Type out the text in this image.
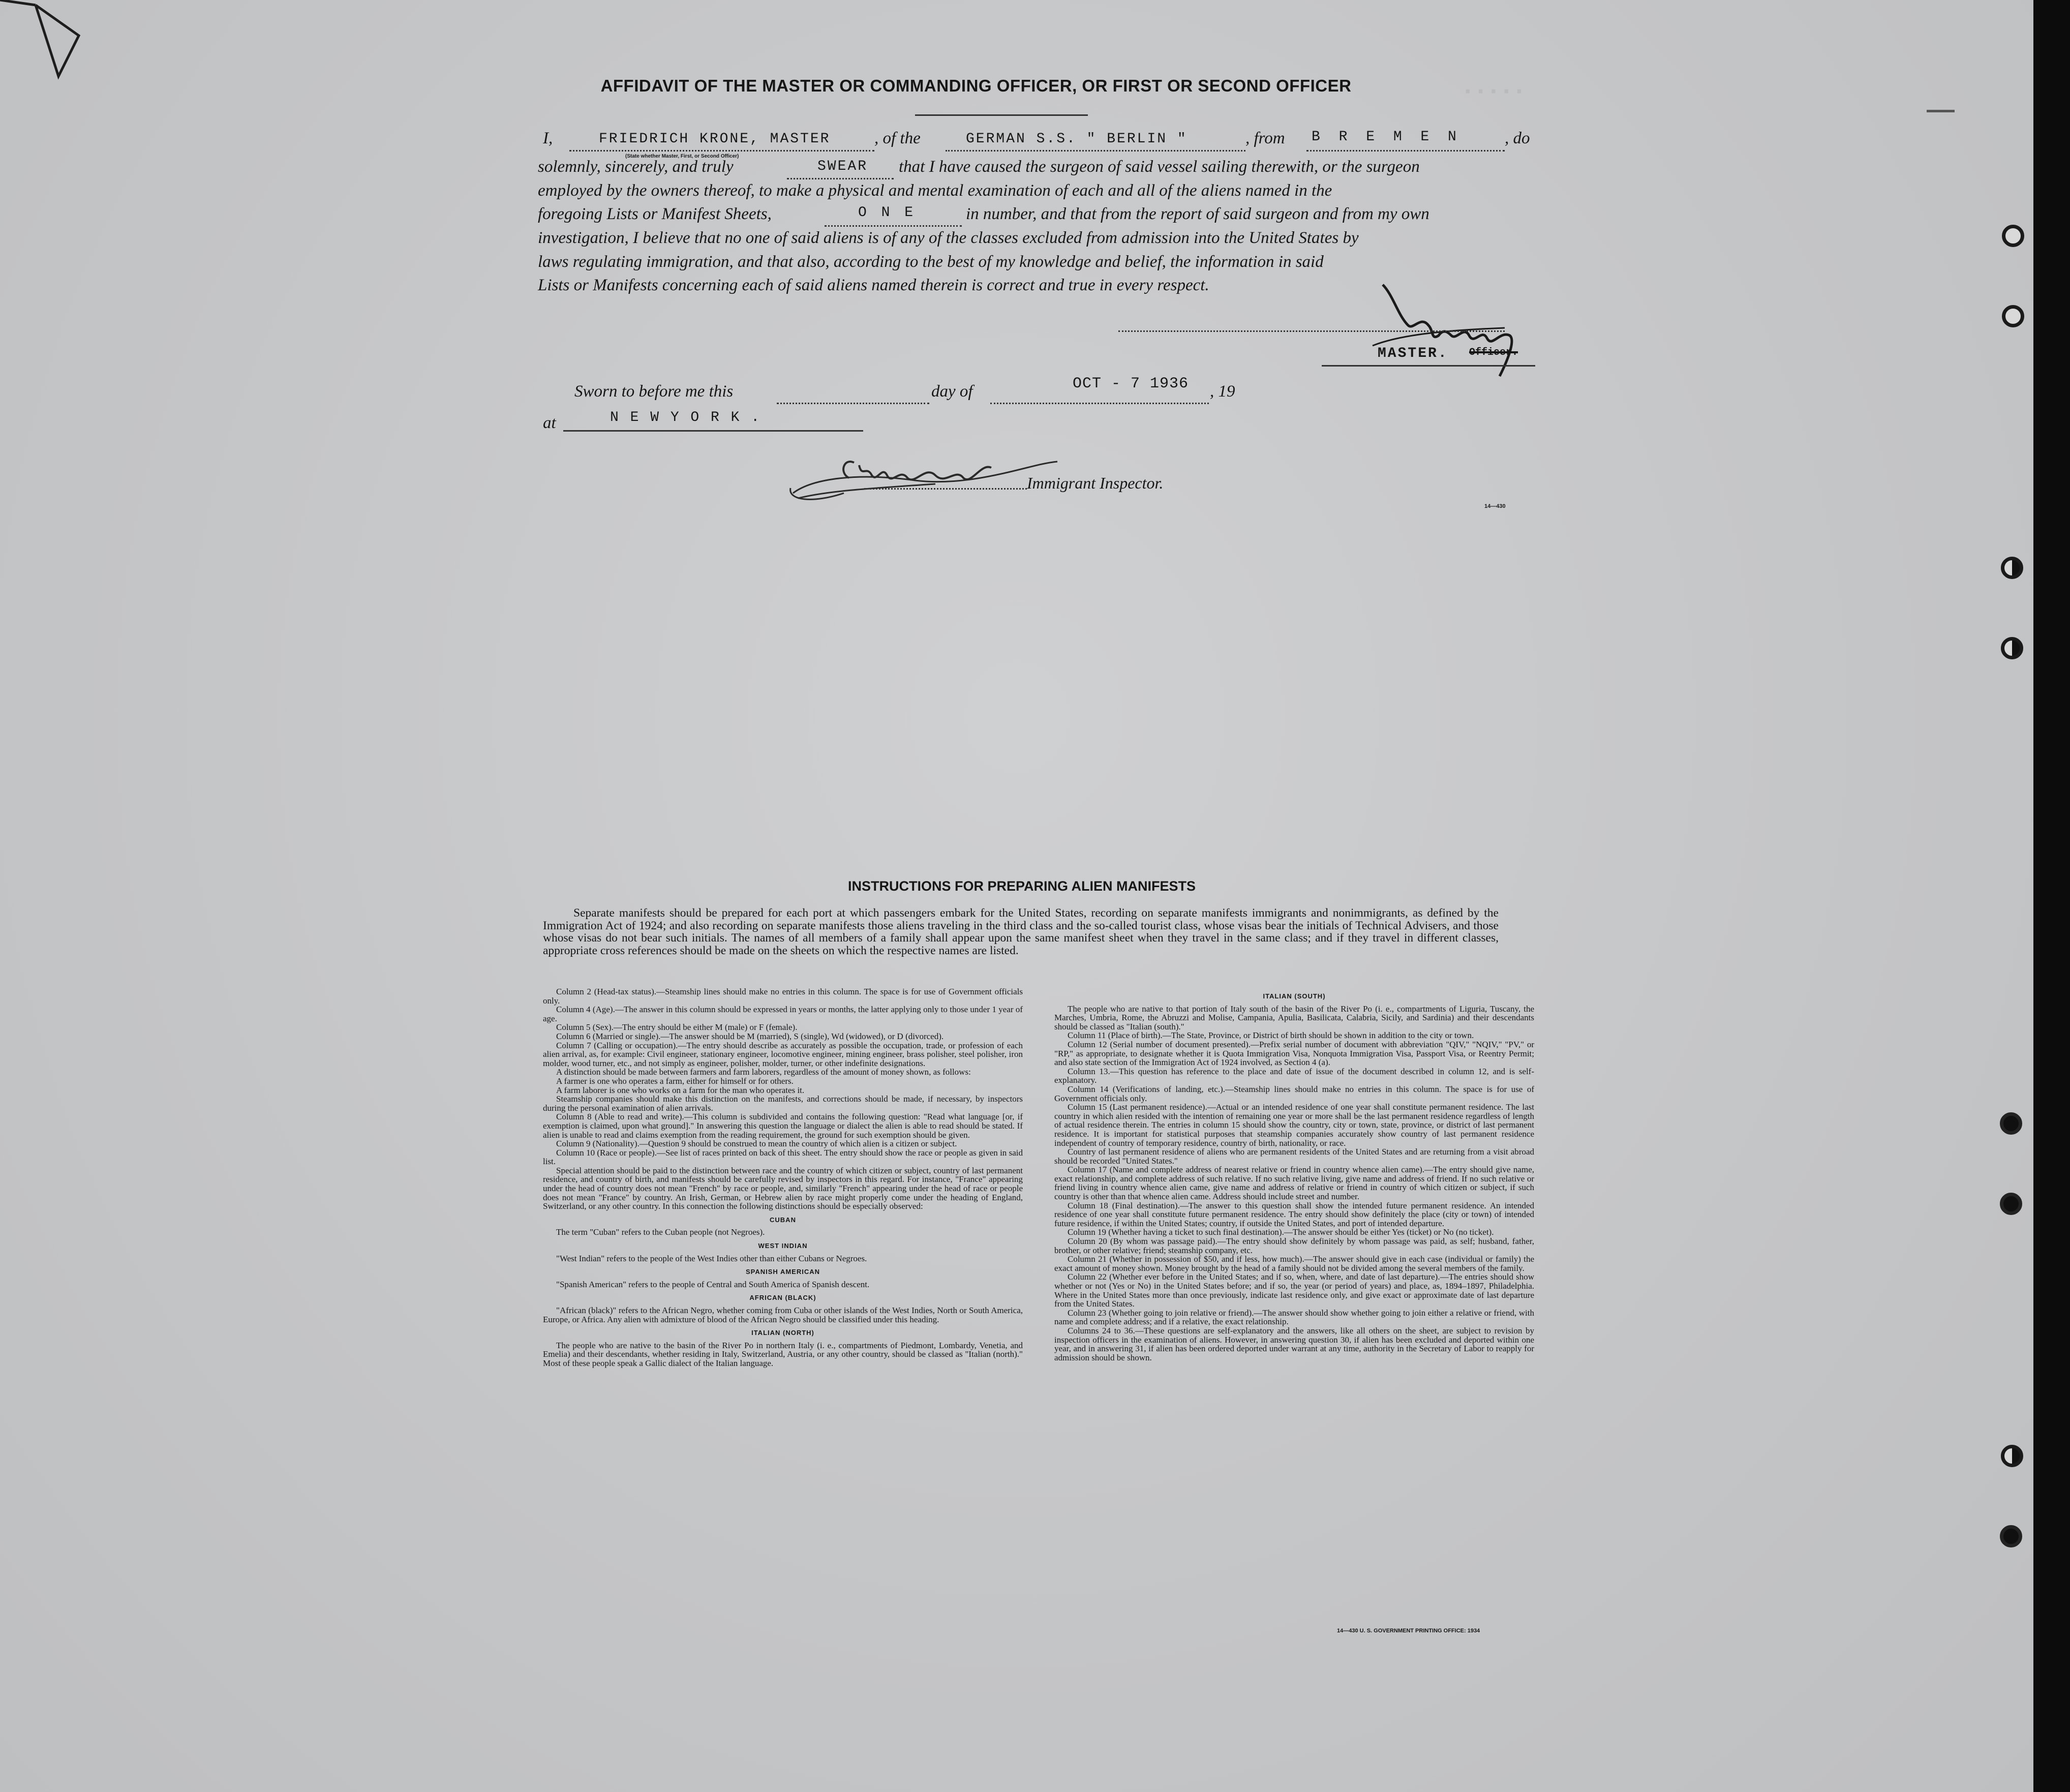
·····
AFFIDAVIT OF THE MASTER OR COMMANDING OFFICER, OR FIRST OR SECOND OFFICER
I,	FRIEDRICH KRONE, MASTER
(State whether Master, First, or Second Officer)
, of the	GERMAN S.S. " BERLIN "	, from B R E M E N	, do
solemnly, sincerely, and truly	SWEAR that I have caused the surgeon of said vessel sailing therewith, or the surgeon
employed by the owners thereof, to make a physical and mental examination of each and all of the aliens named in the
foregoing Lists or Manifest Sheets,	O N E	in number, and that from the report of said surgeon and from my own
investigation, I believe that no one of said aliens is of any of the classes excluded from admission into the United States by
laws regulating immigration, and that also, according to the best of my knowledge and belief, the information in said
Lists or Manifests concerning each of said aliens named therein is correct and true in every respect.
MASTER. Officer.
Sworn to before me this	day of	OCT - 7 1936 , 19
at	N E W Y O R K .
Immigrant Inspector.
14—430
INSTRUCTIONS FOR PREPARING ALIEN MANIFESTS
Separate manifests should be prepared for each port at which passengers embark for the United States, recording on separate manifests immigrants and nonimmigrants, as defined by the Immigration Act of 1924; and also recording on separate manifests those aliens traveling in the third class and the so-called tourist class, whose visas bear the initials of Technical Advisers, and those whose visas do not bear such initials. The names of all members of a family shall appear upon the same manifest sheet when they travel in the same class; and if they travel in different classes, appropriate cross references should be made on the sheets on which the respective names are listed.

Column 2 (Head-tax status).—Steamship lines should make no entries in this column. The space is for use of Government officials only.

Column 4 (Age).—The answer in this column should be expressed in years or months, the latter applying only to those under 1 year of age.

Column 5 (Sex).—The entry should be either M (male) or F (female).

Column 6 (Married or single).—The answer should be M (married), S (single), Wd (widowed), or D (divorced).

Column 7 (Calling or occupation).—The entry should describe as accurately as possible the occupation, trade, or profession of each alien arrival, as, for example: Civil engineer, stationary engineer, locomotive engineer, mining engineer, brass polisher, steel polisher, iron molder, wood turner, etc., and not simply as engineer, polisher, molder, turner, or other indefinite designations.

A distinction should be made between farmers and farm laborers, regardless of the amount of money shown, as follows:

A farmer is one who operates a farm, either for himself or for others.

A farm laborer is one who works on a farm for the man who operates it.

Steamship companies should make this distinction on the manifests, and corrections should be made, if necessary, by inspectors during the personal examination of alien arrivals.

Column 8 (Able to read and write).—This column is subdivided and contains the following question: "Read what language [or, if exemption is claimed, upon what ground]." In answering this question the language or dialect the alien is able to read should be stated. If alien is unable to read and claims exemption from the reading requirement, the ground for such exemption should be given.

Column 9 (Nationality).—Question 9 should be construed to mean the country of which alien is a citizen or subject.

Column 10 (Race or people).—See list of races printed on back of this sheet. The entry should show the race or people as given in said list.

Special attention should be paid to the distinction between race and the country of which citizen or subject, country of last permanent residence, and country of birth, and manifests should be carefully revised by inspectors in this regard. For instance, "France" appearing under the head of country does not mean "French" by race or people, and, similarly "French" appearing under the head of race or people does not mean "France" by country. An Irish, German, or Hebrew alien by race might properly come under the heading of England, Switzerland, or any other country. In this connection the following distinctions should be especially observed:

CUBAN

The term "Cuban" refers to the Cuban people (not Negroes).

WEST INDIAN

"West Indian" refers to the people of the West Indies other than either Cubans or Negroes.

SPANISH AMERICAN

"Spanish American" refers to the people of Central and South America of Spanish descent.

AFRICAN (BLACK)

"African (black)" refers to the African Negro, whether coming from Cuba or other islands of the West Indies, North or South America, Europe, or Africa. Any alien with admixture of blood of the African Negro should be classified under this heading.

ITALIAN (NORTH)

The people who are native to the basin of the River Po in northern Italy (i. e., compartments of Piedmont, Lombardy, Venetia, and Emelia) and their descendants, whether residing in Italy, Switzerland, Austria, or any other country, should be classed as "Italian (north)." Most of these people speak a Gallic dialect of the Italian language.

ITALIAN (SOUTH)

The people who are native to that portion of Italy south of the basin of the River Po (i. e., compartments of Liguria, Tuscany, the Marches, Umbria, Rome, the Abruzzi and Molise, Campania, Apulia, Basilicata, Calabria, Sicily, and Sardinia) and their descendants should be classed as "Italian (south)."

Column 11 (Place of birth).—The State, Province, or District of birth should be shown in addition to the city or town.

Column 12 (Serial number of document presented).—Prefix serial number of document with abbreviation "QIV," "NQIV," "PV," or "RP," as appropriate, to designate whether it is Quota Immigration Visa, Nonquota Immigration Visa, Passport Visa, or Reentry Permit; and also state section of the Immigration Act of 1924 involved, as Section 4 (a).

Column 13.—This question has reference to the place and date of issue of the document described in column 12, and is self-explanatory.

Column 14 (Verifications of landing, etc.).—Steamship lines should make no entries in this column. The space is for use of Government officials only.

Column 15 (Last permanent residence).—Actual or an intended residence of one year shall constitute permanent residence. The last country in which alien resided with the intention of remaining one year or more shall be the last permanent residence regardless of length of actual residence therein. The entries in column 15 should show the country, city or town, state, province, or district of last permanent residence. It is important for statistical purposes that steamship companies accurately show country of last permanent residence independent of country of temporary residence, country of birth, nationality, or race.

Country of last permanent residence of aliens who are permanent residents of the United States and are returning from a visit abroad should be recorded "United States."

Column 17 (Name and complete address of nearest relative or friend in country whence alien came).—The entry should give name, exact relationship, and complete address of such relative. If no such relative living, give name and address of friend. If no such relative or friend living in country whence alien came, give name and address of relative or friend in country of which citizen or subject, if such country is other than that whence alien came. Address should include street and number.

Column 18 (Final destination).—The answer to this question shall show the intended future permanent residence. An intended residence of one year shall constitute future permanent residence. The entry should show definitely the place (city or town) of intended future residence, if within the United States; country, if outside the United States, and port of intended departure.

Column 19 (Whether having a ticket to such final destination).—The answer should be either Yes (ticket) or No (no ticket).

Column 20 (By whom was passage paid).—The entry should show definitely by whom passage was paid, as self; husband, father, brother, or other relative; friend; steamship company, etc.

Column 21 (Whether in possession of $50, and if less, how much).—The answer should give in each case (individual or family) the exact amount of money shown. Money brought by the head of a family should not be divided among the several members of the family.

Column 22 (Whether ever before in the United States; and if so, when, where, and date of last departure).—The entries should show whether or not (Yes or No) in the United States before; and if so, the year (or period of years) and place, as, 1894–1897, Philadelphia. Where in the United States more than once previously, indicate last residence only, and give exact or approximate date of last departure from the United States.

Column 23 (Whether going to join relative or friend).—The answer should show whether going to join either a relative or friend, with name and complete address; and if a relative, the exact relationship.

Columns 24 to 36.—These questions are self-explanatory and the answers, like all others on the sheet, are subject to revision by inspection officers in the examination of aliens. However, in answering question 30, if alien has been excluded and deported within one year, and in answering 31, if alien has been ordered deported under warrant at any time, authority in the Secretary of Labor to reapply for admission should be shown.

14—430 U. S. GOVERNMENT PRINTING OFFICE: 1934
